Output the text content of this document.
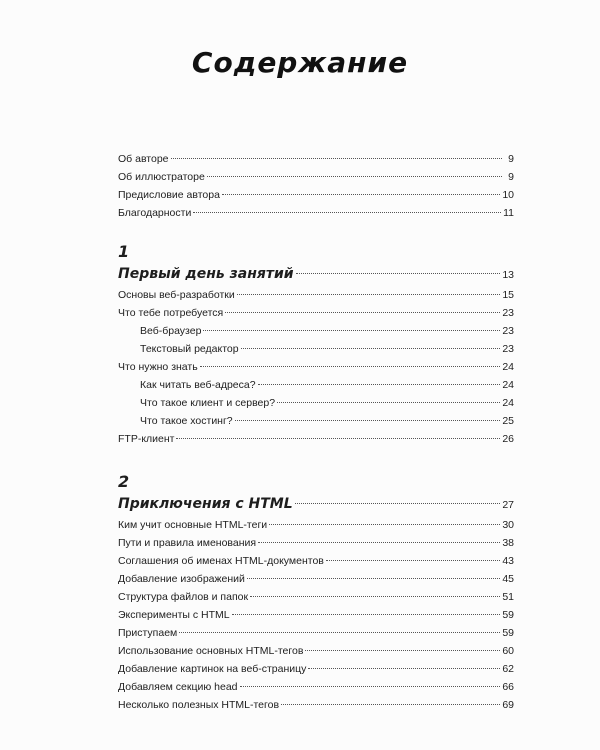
Содержание
Об авторе	9
Об иллюстраторе	9
Предисловие автора	10
Благодарности	11
1
Первый день занятий	13
Основы веб-разработки	15
Что тебе потребуется	23
Веб-браузер	23
Текстовый редактор	23
Что нужно знать	24
Как читать веб-адреса?	24
Что такое клиент и сервер?	24
Что такое хостинг?	25
FTP-клиент	26
2
Приключения с HTML	27
Ким учит основные HTML-теги	30
Пути и правила именования	38
Соглашения об именах HTML-документов	43
Добавление изображений	45
Структура файлов и папок	51
Эксперименты с HTML	59
Приступаем	59
Использование основных HTML-тегов	60
Добавление картинок на веб-страницу	62
Добавляем секцию head	66
Несколько полезных HTML-тегов	69
